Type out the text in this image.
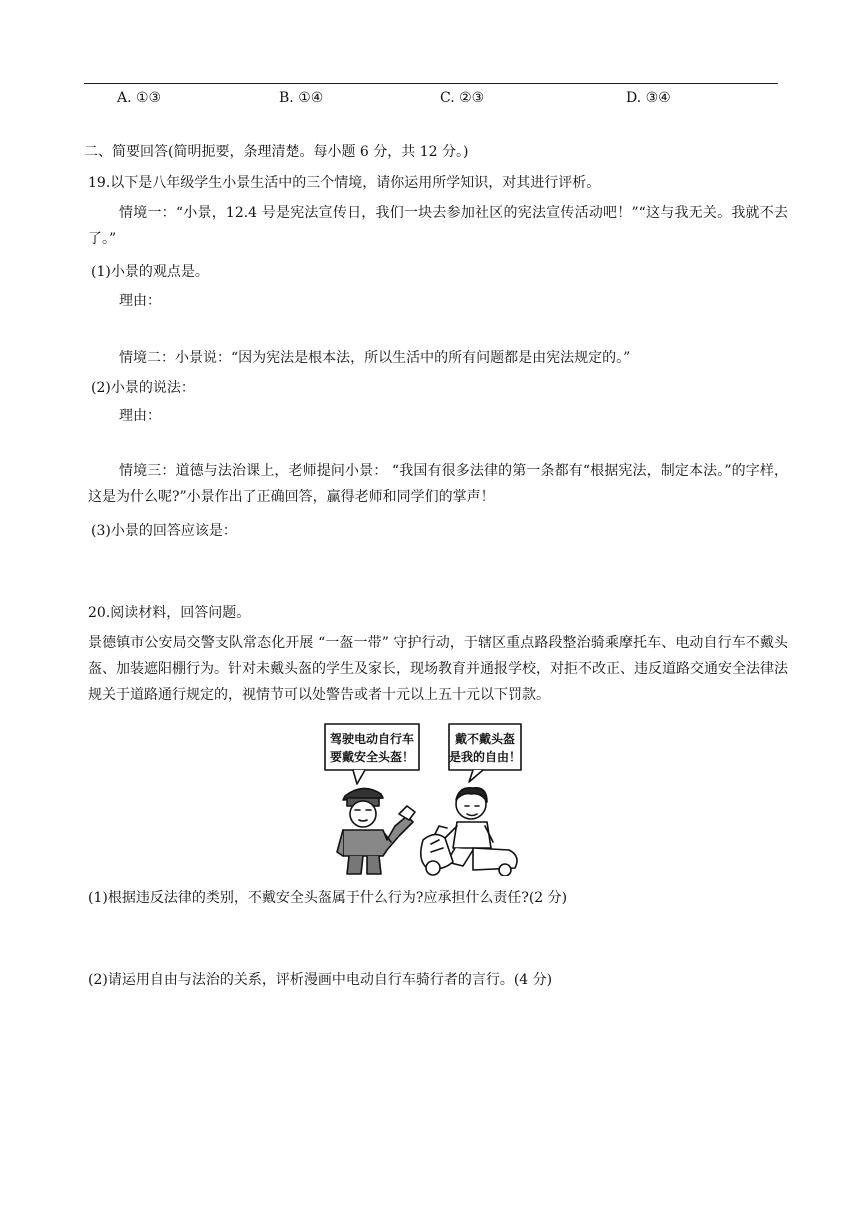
A. ①③	B. ①④	C. ②③	D. ③④
二、简要回答(简明扼要，条理清楚。每小题 6 分，共 12 分。)
19.以下是八年级学生小景生活中的三个情境，请你运用所学知识，对其进行评析。
情境一：“小景，12.4 号是宪法宣传日，我们一块去参加社区的宪法宣传活动吧！”“这与我无关。我就不去了。”
(1)小景的观点是。
理由：
情境二：小景说：“因为宪法是根本法，所以生活中的所有问题都是由宪法规定的。”
(2)小景的说法：
理由：
情境三：道德与法治课上，老师提问小景： “我国有很多法律的第一条都有“根据宪法，制定本法。”的字样，这是为什么呢?”小景作出了正确回答，赢得老师和同学们的掌声！
(3)小景的回答应该是：
20.阅读材料，回答问题。
景德镇市公安局交警支队常态化开展 “一盔一带” 守护行动，于辖区重点路段整治骑乘摩托车、电动自行车不戴头盔、加装遮阳棚行为。针对未戴头盔的学生及家长，现场教育并通报学校，对拒不改正、违反道路交通安全法律法规关于道路通行规定的，视情节可以处警告或者十元以上五十元以下罚款。
驾驶电动自行车
要戴安全头盔！
戴不戴头盔
是我的自由！
(1)根据违反法律的类别，不戴安全头盔属于什么行为?应承担什么责任?(2 分)
(2)请运用自由与法治的关系，评析漫画中电动自行车骑行者的言行。(4 分)
